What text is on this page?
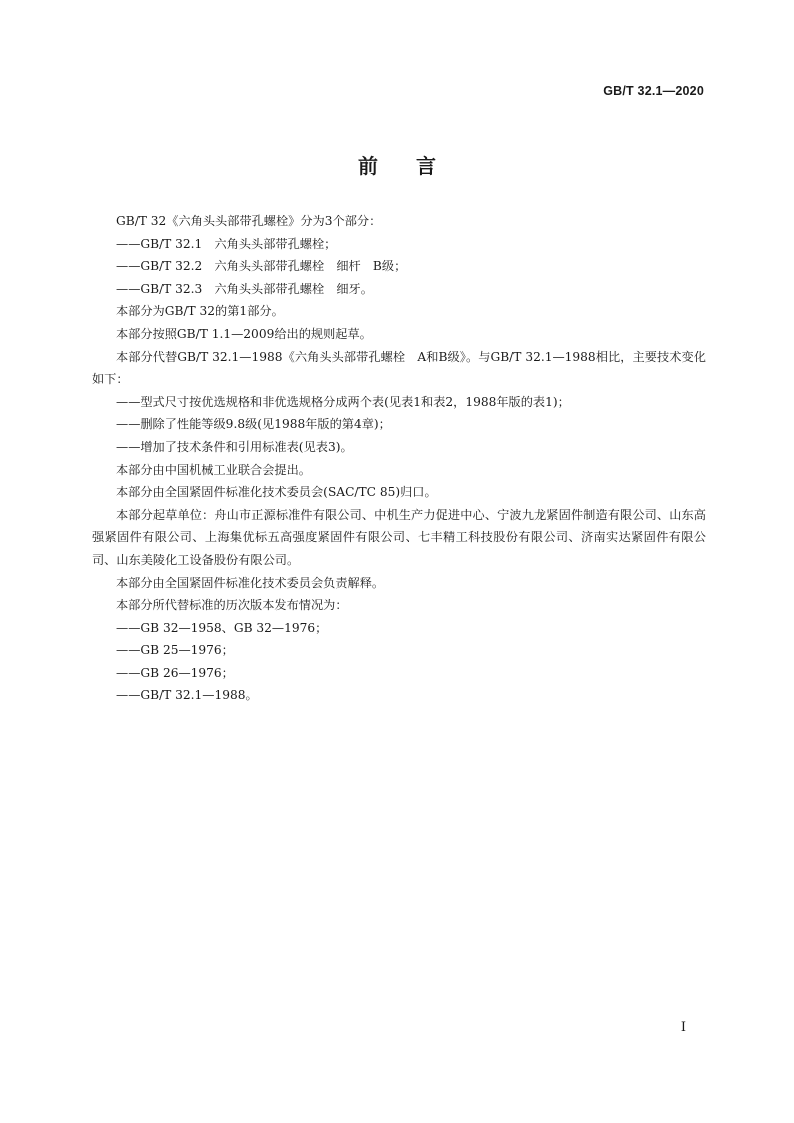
GB/T 32.1—2020
前言

GB/T 32《六角头头部带孔螺栓》分为3个部分：

——GB/T 32.1　六角头头部带孔螺栓；

——GB/T 32.2　六角头头部带孔螺栓　细杆　B级；

——GB/T 32.3　六角头头部带孔螺栓　细牙。

本部分为GB/T 32的第1部分。

本部分按照GB/T 1.1—2009给出的规则起草。

本部分代替GB/T 32.1—1988《六角头头部带孔螺栓　A和B级》。与GB/T 32.1—1988相比，主要技术变化如下：

——型式尺寸按优选规格和非优选规格分成两个表(见表1和表2，1988年版的表1)；

——删除了性能等级9.8级(见1988年版的第4章)；

——增加了技术条件和引用标准表(见表3)。

本部分由中国机械工业联合会提出。

本部分由全国紧固件标准化技术委员会(SAC/TC 85)归口。

本部分起草单位：舟山市正源标准件有限公司、中机生产力促进中心、宁波九龙紧固件制造有限公司、山东高强紧固件有限公司、上海集优标五高强度紧固件有限公司、七丰精工科技股份有限公司、济南实达紧固件有限公司、山东美陵化工设备股份有限公司。

本部分由全国紧固件标准化技术委员会负责解释。

本部分所代替标准的历次版本发布情况为：

——GB 32—1958、GB 32—1976；

——GB 25—1976；

——GB 26—1976；

——GB/T 32.1—1988。

I
